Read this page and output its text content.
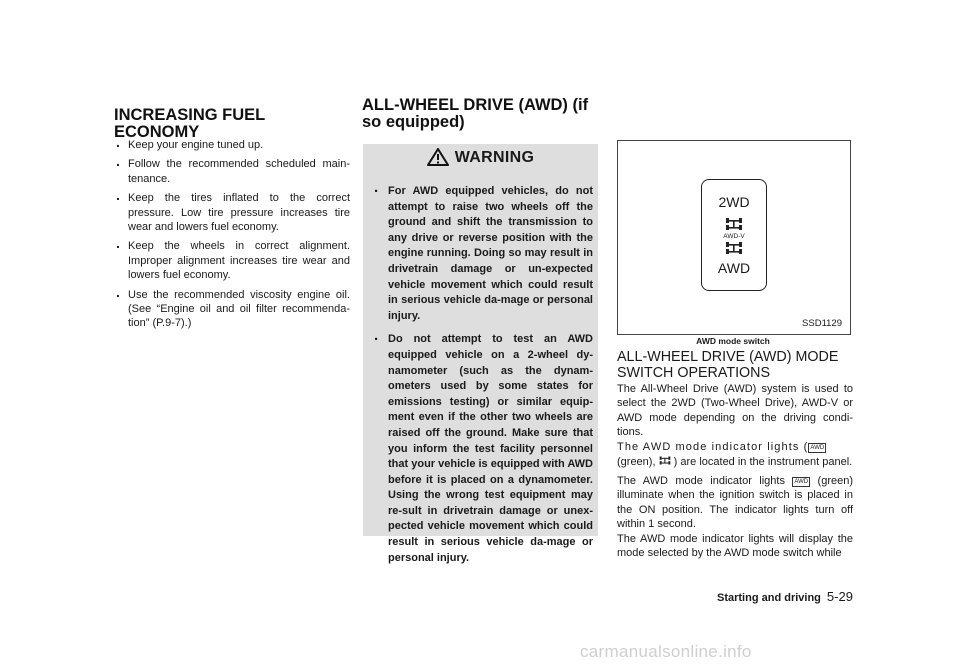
INCREASING FUEL ECONOMY
. Keep your engine tuned up.
. Follow the recommended scheduled main-tenance.
. Keep the tires inflated to the correct pressure. Low tire pressure increases tire wear and lowers fuel economy.
. Keep the wheels in correct alignment. Improper alignment increases tire wear and lowers fuel economy.
. Use the recommended viscosity engine oil. (See “Engine oil and oil filter recommenda-tion” (P.9-7).)
ALL-WHEEL DRIVE (AWD) (if so equipped)
WARNING
. For AWD equipped vehicles, do not attempt to raise two wheels off the ground and shift the transmission to any drive or reverse position with the engine running. Doing so may result in drivetrain damage or un-expected vehicle movement which could result in serious vehicle da-mage or personal injury.
. Do not attempt to test an AWD equipped vehicle on a 2-wheel dy-namometer (such as the dynam-ometers used by some states for emissions testing) or similar equip-ment even if the other two wheels are raised off the ground. Make sure that you inform the test facility personnel that your vehicle is equipped with AWD before it is placed on a dynamometer. Using the wrong test equipment may re-sult in drivetrain damage or unex-pected vehicle movement which could result in serious vehicle da-mage or personal injury.
2WD
AWD-V
AWD
SSD1129
AWD mode switch
ALL-WHEEL DRIVE (AWD) MODE SWITCH OPERATIONS
The All-Wheel Drive (AWD) system is used to select the 2WD (Two-Wheel Drive), AWD-V or AWD mode depending on the driving condi-tions.
The AWD mode indicator lights ( AWD
(green), ) are located in the instrument panel.
The AWD mode indicator lights AWD (green) illuminate when the ignition switch is placed in the ON position. The indicator lights turn off within 1 second.
The AWD mode indicator lights will display the mode selected by the AWD mode switch while
Starting and driving 5-29
carmanualsonline.info
